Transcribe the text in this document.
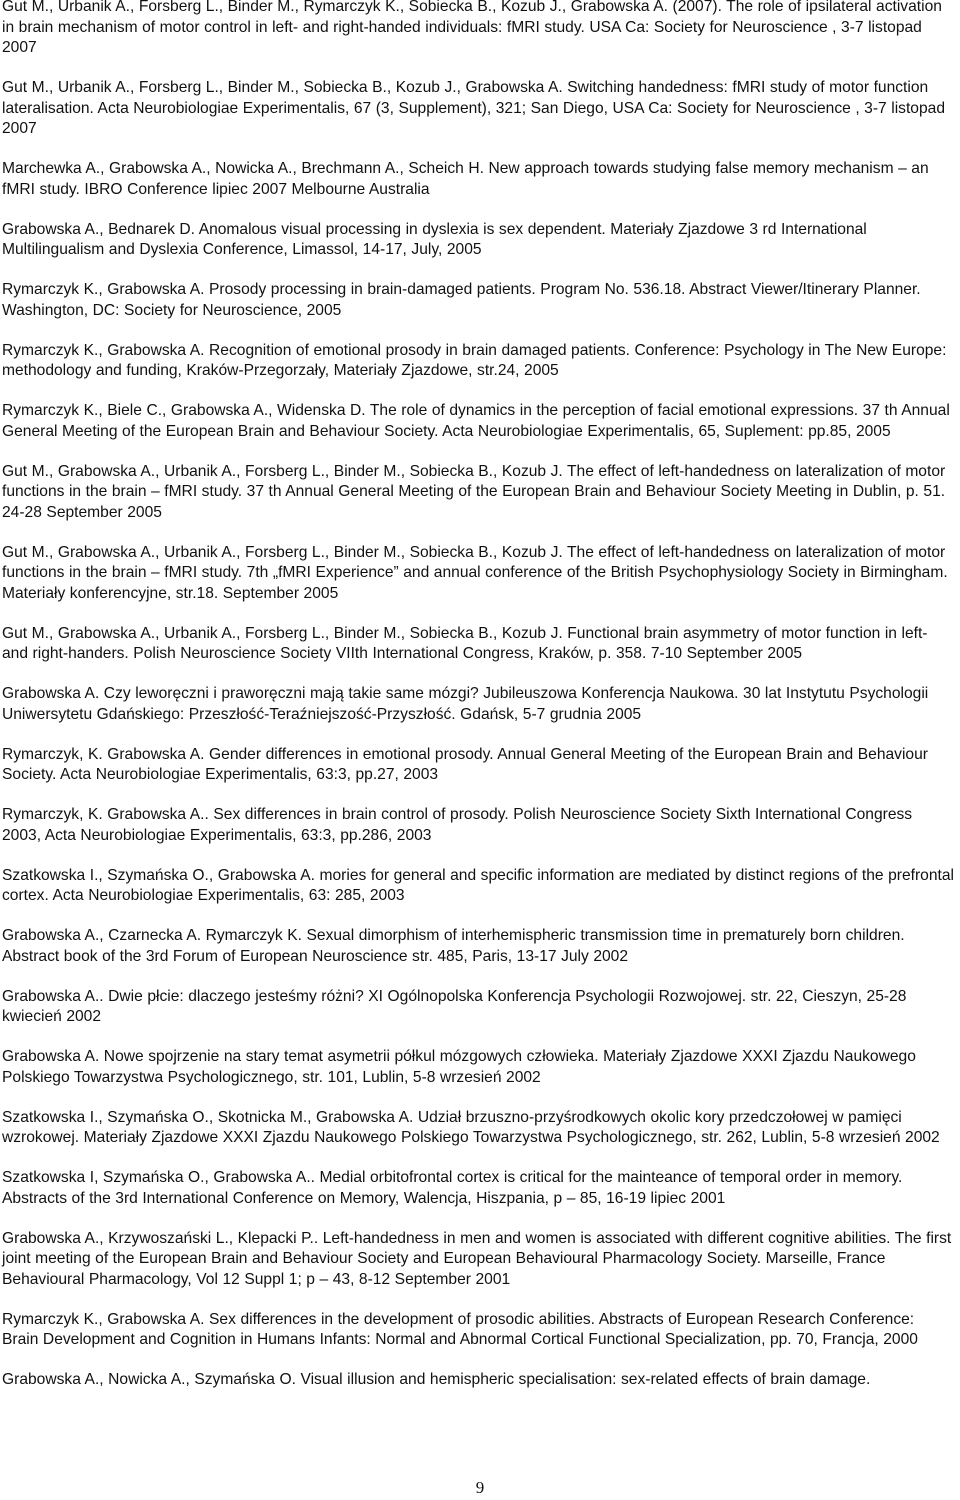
Gut M., Urbanik A., Forsberg L., Binder M., Rymarczyk K., Sobiecka B., Kozub J., Grabowska A. (2007). The role of ipsilateral activation in brain mechanism of motor control in left- and right-handed individuals: fMRI study. USA Ca: Society for Neuroscience , 3-7 listopad 2007

Gut M., Urbanik A., Forsberg L., Binder M., Sobiecka B., Kozub J., Grabowska A. Switching handedness: fMRI study of motor function lateralisation. Acta Neurobiologiae Experimentalis, 67 (3, Supplement), 321; San Diego, USA Ca: Society for Neuroscience , 3-7 listopad 2007

Marchewka A., Grabowska A., Nowicka A., Brechmann A., Scheich H. New approach towards studying false memory mechanism – an fMRI study. IBRO Conference lipiec 2007 Melbourne Australia

Grabowska A., Bednarek D. Anomalous visual processing in dyslexia is sex dependent. Materiały Zjazdowe 3 rd International Multilingualism and Dyslexia Conference, Limassol, 14-17, July, 2005

Rymarczyk K., Grabowska A. Prosody processing in brain-damaged patients. Program No. 536.18. Abstract Viewer/Itinerary Planner. Washington, DC: Society for Neuroscience, 2005

Rymarczyk K., Grabowska A. Recognition of emotional prosody in brain damaged patients. Conference: Psychology in The New Europe: methodology and funding, Kraków-Przegorzały, Materiały Zjazdowe, str.24, 2005

Rymarczyk K., Biele C., Grabowska A., Widenska D. The role of dynamics in the perception of facial emotional expressions. 37 th Annual General Meeting of the European Brain and Behaviour Society. Acta Neurobiologiae Experimentalis, 65, Suplement: pp.85, 2005

Gut M., Grabowska A., Urbanik A., Forsberg L., Binder M., Sobiecka B., Kozub J. The effect of left-handedness on lateralization of motor functions in the brain – fMRI study. 37 th Annual General Meeting of the European Brain and Behaviour Society Meeting in Dublin, p. 51. 24-28 September 2005

Gut M., Grabowska A., Urbanik A., Forsberg L., Binder M., Sobiecka B., Kozub J. The effect of left-handedness on lateralization of motor functions in the brain – fMRI study. 7th „fMRI Experience” and annual conference of the British Psychophysiology Society in Birmingham. Materiały konferencyjne, str.18. September 2005

Gut M., Grabowska A., Urbanik A., Forsberg L., Binder M., Sobiecka B., Kozub J. Functional brain asymmetry of motor function in left- and right-handers. Polish Neuroscience Society VIIth International Congress, Kraków, p. 358. 7-10 September 2005

Grabowska A. Czy leworęczni i praworęczni mają takie same mózgi? Jubileuszowa Konferencja Naukowa. 30 lat Instytutu Psychologii Uniwersytetu Gdańskiego: Przeszłość-Teraźniejszość-Przyszłość. Gdańsk, 5-7 grudnia 2005

Rymarczyk, K. Grabowska A. Gender differences in emotional prosody. Annual General Meeting of the European Brain and Behaviour Society. Acta Neurobiologiae Experimentalis, 63:3, pp.27, 2003

Rymarczyk, K. Grabowska A.. Sex differences in brain control of prosody. Polish Neuroscience Society Sixth International Congress 2003, Acta Neurobiologiae Experimentalis, 63:3, pp.286, 2003

Szatkowska I., Szymańska O., Grabowska A. mories for general and specific information are mediated by distinct regions of the prefrontal cortex. Acta Neurobiologiae Experimentalis, 63: 285, 2003

Grabowska A., Czarnecka A. Rymarczyk K. Sexual dimorphism of interhemispheric transmission time in prematurely born children. Abstract book of the 3rd Forum of European Neuroscience str. 485, Paris, 13-17 July 2002

Grabowska A.. Dwie płcie: dlaczego jesteśmy różni? XI Ogólnopolska Konferencja Psychologii Rozwojowej. str. 22, Cieszyn, 25-28 kwiecień 2002

Grabowska A. Nowe spojrzenie na stary temat asymetrii półkul mózgowych człowieka. Materiały Zjazdowe XXXI Zjazdu Naukowego Polskiego Towarzystwa Psychologicznego, str. 101, Lublin, 5-8 wrzesień 2002

Szatkowska I., Szymańska O., Skotnicka M., Grabowska A. Udział brzuszno-przyśrodkowych okolic kory przedczołowej w pamięci wzrokowej. Materiały Zjazdowe XXXI Zjazdu Naukowego Polskiego Towarzystwa Psychologicznego, str. 262, Lublin, 5-8 wrzesień 2002

Szatkowska I, Szymańska O., Grabowska A.. Medial orbitofrontal cortex is critical for the mainteance of temporal order in memory. Abstracts of the 3rd International Conference on Memory, Walencja, Hiszpania, p – 85, 16-19 lipiec 2001

Grabowska A., Krzywoszański L., Klepacki P.. Left-handedness in men and women is associated with different cognitive abilities. The first joint meeting of the European Brain and Behaviour Society and European Behavioural Pharmacology Society. Marseille, France Behavioural Pharmacology, Vol 12 Suppl 1; p – 43, 8-12 September 2001

Rymarczyk K., Grabowska A. Sex differences in the development of prosodic abilities. Abstracts of European Research Conference: Brain Development and Cognition in Humans Infants: Normal and Abnormal Cortical Functional Specialization, pp. 70, Francja, 2000

Grabowska A., Nowicka A., Szymańska O. Visual illusion and hemispheric specialisation: sex-related effects of brain damage.

9
